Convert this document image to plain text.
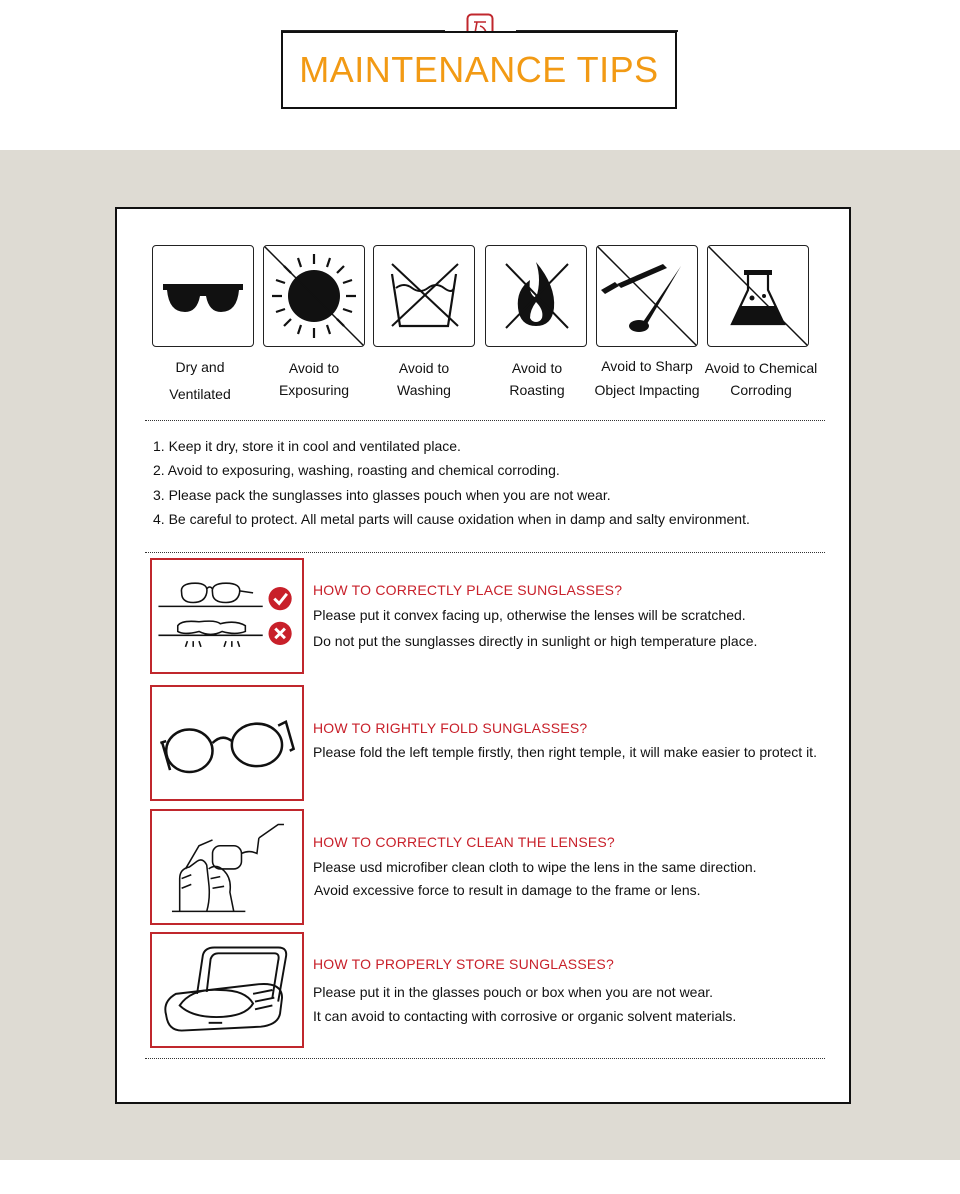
MAINTENANCE TIPS
Dry and
Ventilated
Avoid to
Exposuring
Avoid to
Washing
Avoid to
Roasting
Avoid to Sharp
Object Impacting
Avoid to Chemical
Corroding
1. Keep it dry, store it in cool and ventilated place.
2. Avoid to exposuring, washing, roasting and chemical corroding.
3. Please pack the sunglasses into glasses pouch when you are not wear.
4. Be careful to protect. All metal parts will cause oxidation when in damp and salty environment.
HOW TO CORRECTLY PLACE SUNGLASSES?
Please put it convex facing up, otherwise the lenses will be scratched.
Do not put the sunglasses directly in sunlight or high temperature place.
HOW TO RIGHTLY FOLD SUNGLASSES?
Please fold the left temple firstly, then right temple, it will make easier to protect it.
HOW TO CORRECTLY CLEAN THE LENSES?
Please usd microfiber clean cloth to wipe the lens in the same direction.
Avoid excessive force to result in damage to the frame or lens.
HOW TO PROPERLY STORE SUNGLASSES?
Please put it in the glasses pouch or box when you are not wear.
It can avoid to contacting with corrosive or organic solvent materials.
